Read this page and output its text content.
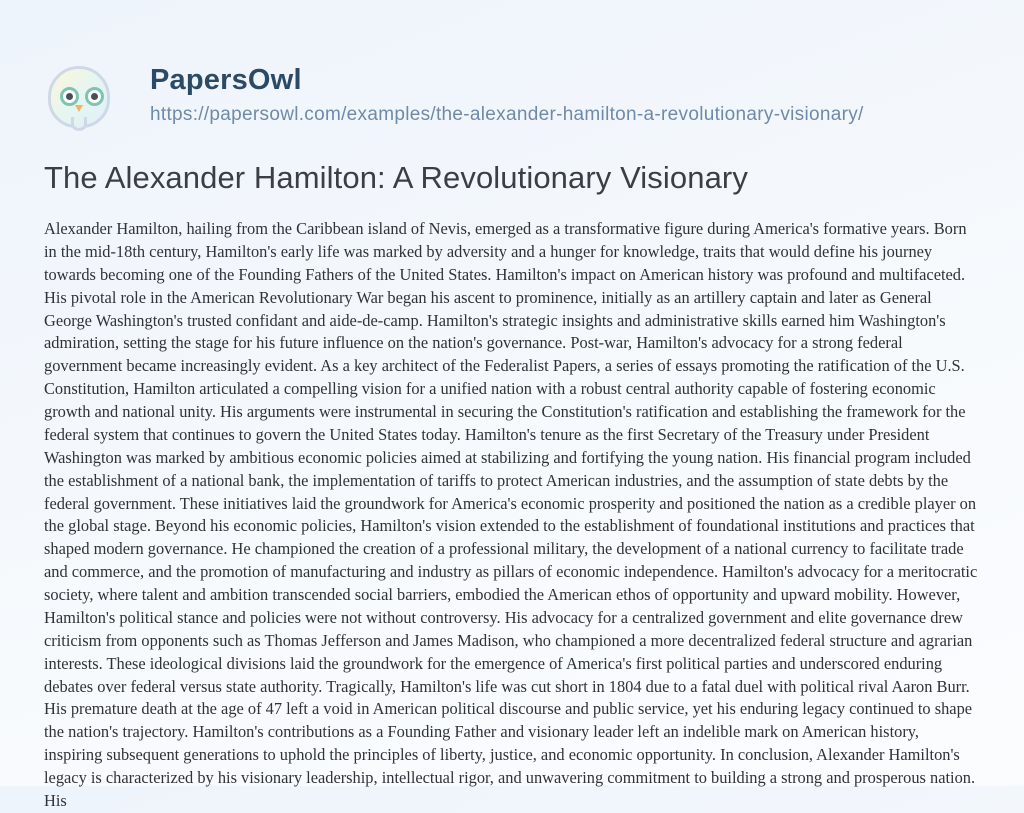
PapersOwl
https://papersowl.com/examples/the-alexander-hamilton-a-revolutionary-visionary/
The Alexander Hamilton: A Revolutionary Visionary

Alexander Hamilton, hailing from the Caribbean island of Nevis, emerged as a transformative figure during America's formative years. Born in the mid-18th century, Hamilton's early life was marked by adversity and a hunger for knowledge, traits that would define his journey towards becoming one of the Founding Fathers of the United States. Hamilton's impact on American history was profound and multifaceted. His pivotal role in the American Revolutionary War began his ascent to prominence, initially as an artillery captain and later as General George Washington's trusted confidant and aide-de-camp. Hamilton's strategic insights and administrative skills earned him Washington's admiration, setting the stage for his future influence on the nation's governance. Post-war, Hamilton's advocacy for a strong federal government became increasingly evident. As a key architect of the Federalist Papers, a series of essays promoting the ratification of the U.S. Constitution, Hamilton articulated a compelling vision for a unified nation with a robust central authority capable of fostering economic growth and national unity. His arguments were instrumental in securing the Constitution's ratification and establishing the framework for the federal system that continues to govern the United States today. Hamilton's tenure as the first Secretary of the Treasury under President Washington was marked by ambitious economic policies aimed at stabilizing and fortifying the young nation. His financial program included the establishment of a national bank, the implementation of tariffs to protect American industries, and the assumption of state debts by the federal government. These initiatives laid the groundwork for America's economic prosperity and positioned the nation as a credible player on the global stage. Beyond his economic policies, Hamilton's vision extended to the establishment of foundational institutions and practices that shaped modern governance. He championed the creation of a professional military, the development of a national currency to facilitate trade and commerce, and the promotion of manufacturing and industry as pillars of economic independence. Hamilton's advocacy for a meritocratic society, where talent and ambition transcended social barriers, embodied the American ethos of opportunity and upward mobility. However, Hamilton's political stance and policies were not without controversy. His advocacy for a centralized government and elite governance drew criticism from opponents such as Thomas Jefferson and James Madison, who championed a more decentralized federal structure and agrarian interests. These ideological divisions laid the groundwork for the emergence of America's first political parties and underscored enduring debates over federal versus state authority. Tragically, Hamilton's life was cut short in 1804 due to a fatal duel with political rival Aaron Burr. His premature death at the age of 47 left a void in American political discourse and public service, yet his enduring legacy continued to shape the nation's trajectory. Hamilton's contributions as a Founding Father and visionary leader left an indelible mark on American history, inspiring subsequent generations to uphold the principles of liberty, justice, and economic opportunity. In conclusion, Alexander Hamilton's legacy is characterized by his visionary leadership, intellectual rigor, and unwavering commitment to building a strong and prosperous nation. His
